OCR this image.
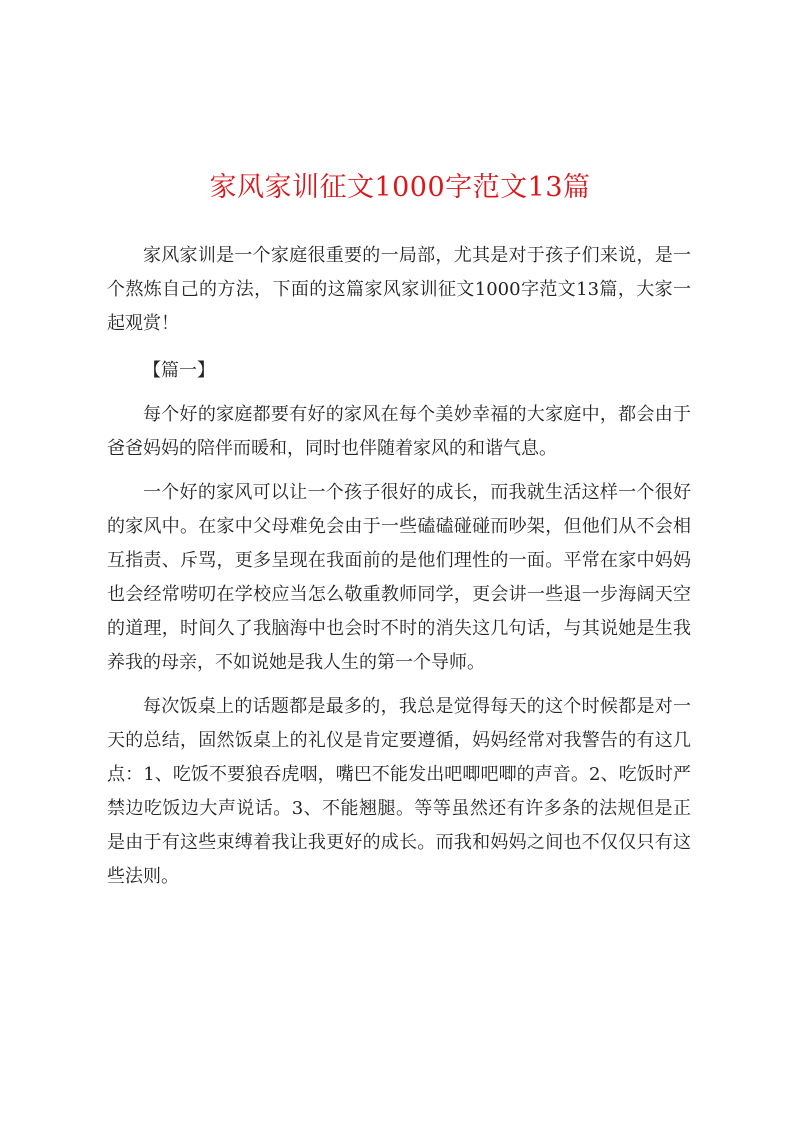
家风家训征文1000字范文13篇

家风家训是一个家庭很重要的一局部，尤其是对于孩子们来说，是一个熬炼自己的方法，下面的这篇家风家训征文1000字范文13篇，大家一起观赏！

【篇一】

每个好的家庭都要有好的家风在每个美妙幸福的大家庭中，都会由于爸爸妈妈的陪伴而暖和，同时也伴随着家风的和谐气息。

一个好的家风可以让一个孩子很好的成长，而我就生活这样一个很好的家风中。在家中父母难免会由于一些磕磕碰碰而吵架，但他们从不会相互指责、斥骂，更多呈现在我面前的是他们理性的一面。平常在家中妈妈也会经常唠叨在学校应当怎么敬重教师同学，更会讲一些退一步海阔天空的道理，时间久了我脑海中也会时不时的消失这几句话，与其说她是生我养我的母亲，不如说她是我人生的第一个导师。

每次饭桌上的话题都是最多的，我总是觉得每天的这个时候都是对一天的总结，固然饭桌上的礼仪是肯定要遵循，妈妈经常对我警告的有这几点：1、吃饭不要狼吞虎咽，嘴巴不能发出吧唧吧唧的声音。2、吃饭时严禁边吃饭边大声说话。3、不能翘腿。等等虽然还有许多条的法规但是正是由于有这些束缚着我让我更好的成长。而我和妈妈之间也不仅仅只有这些法则。
